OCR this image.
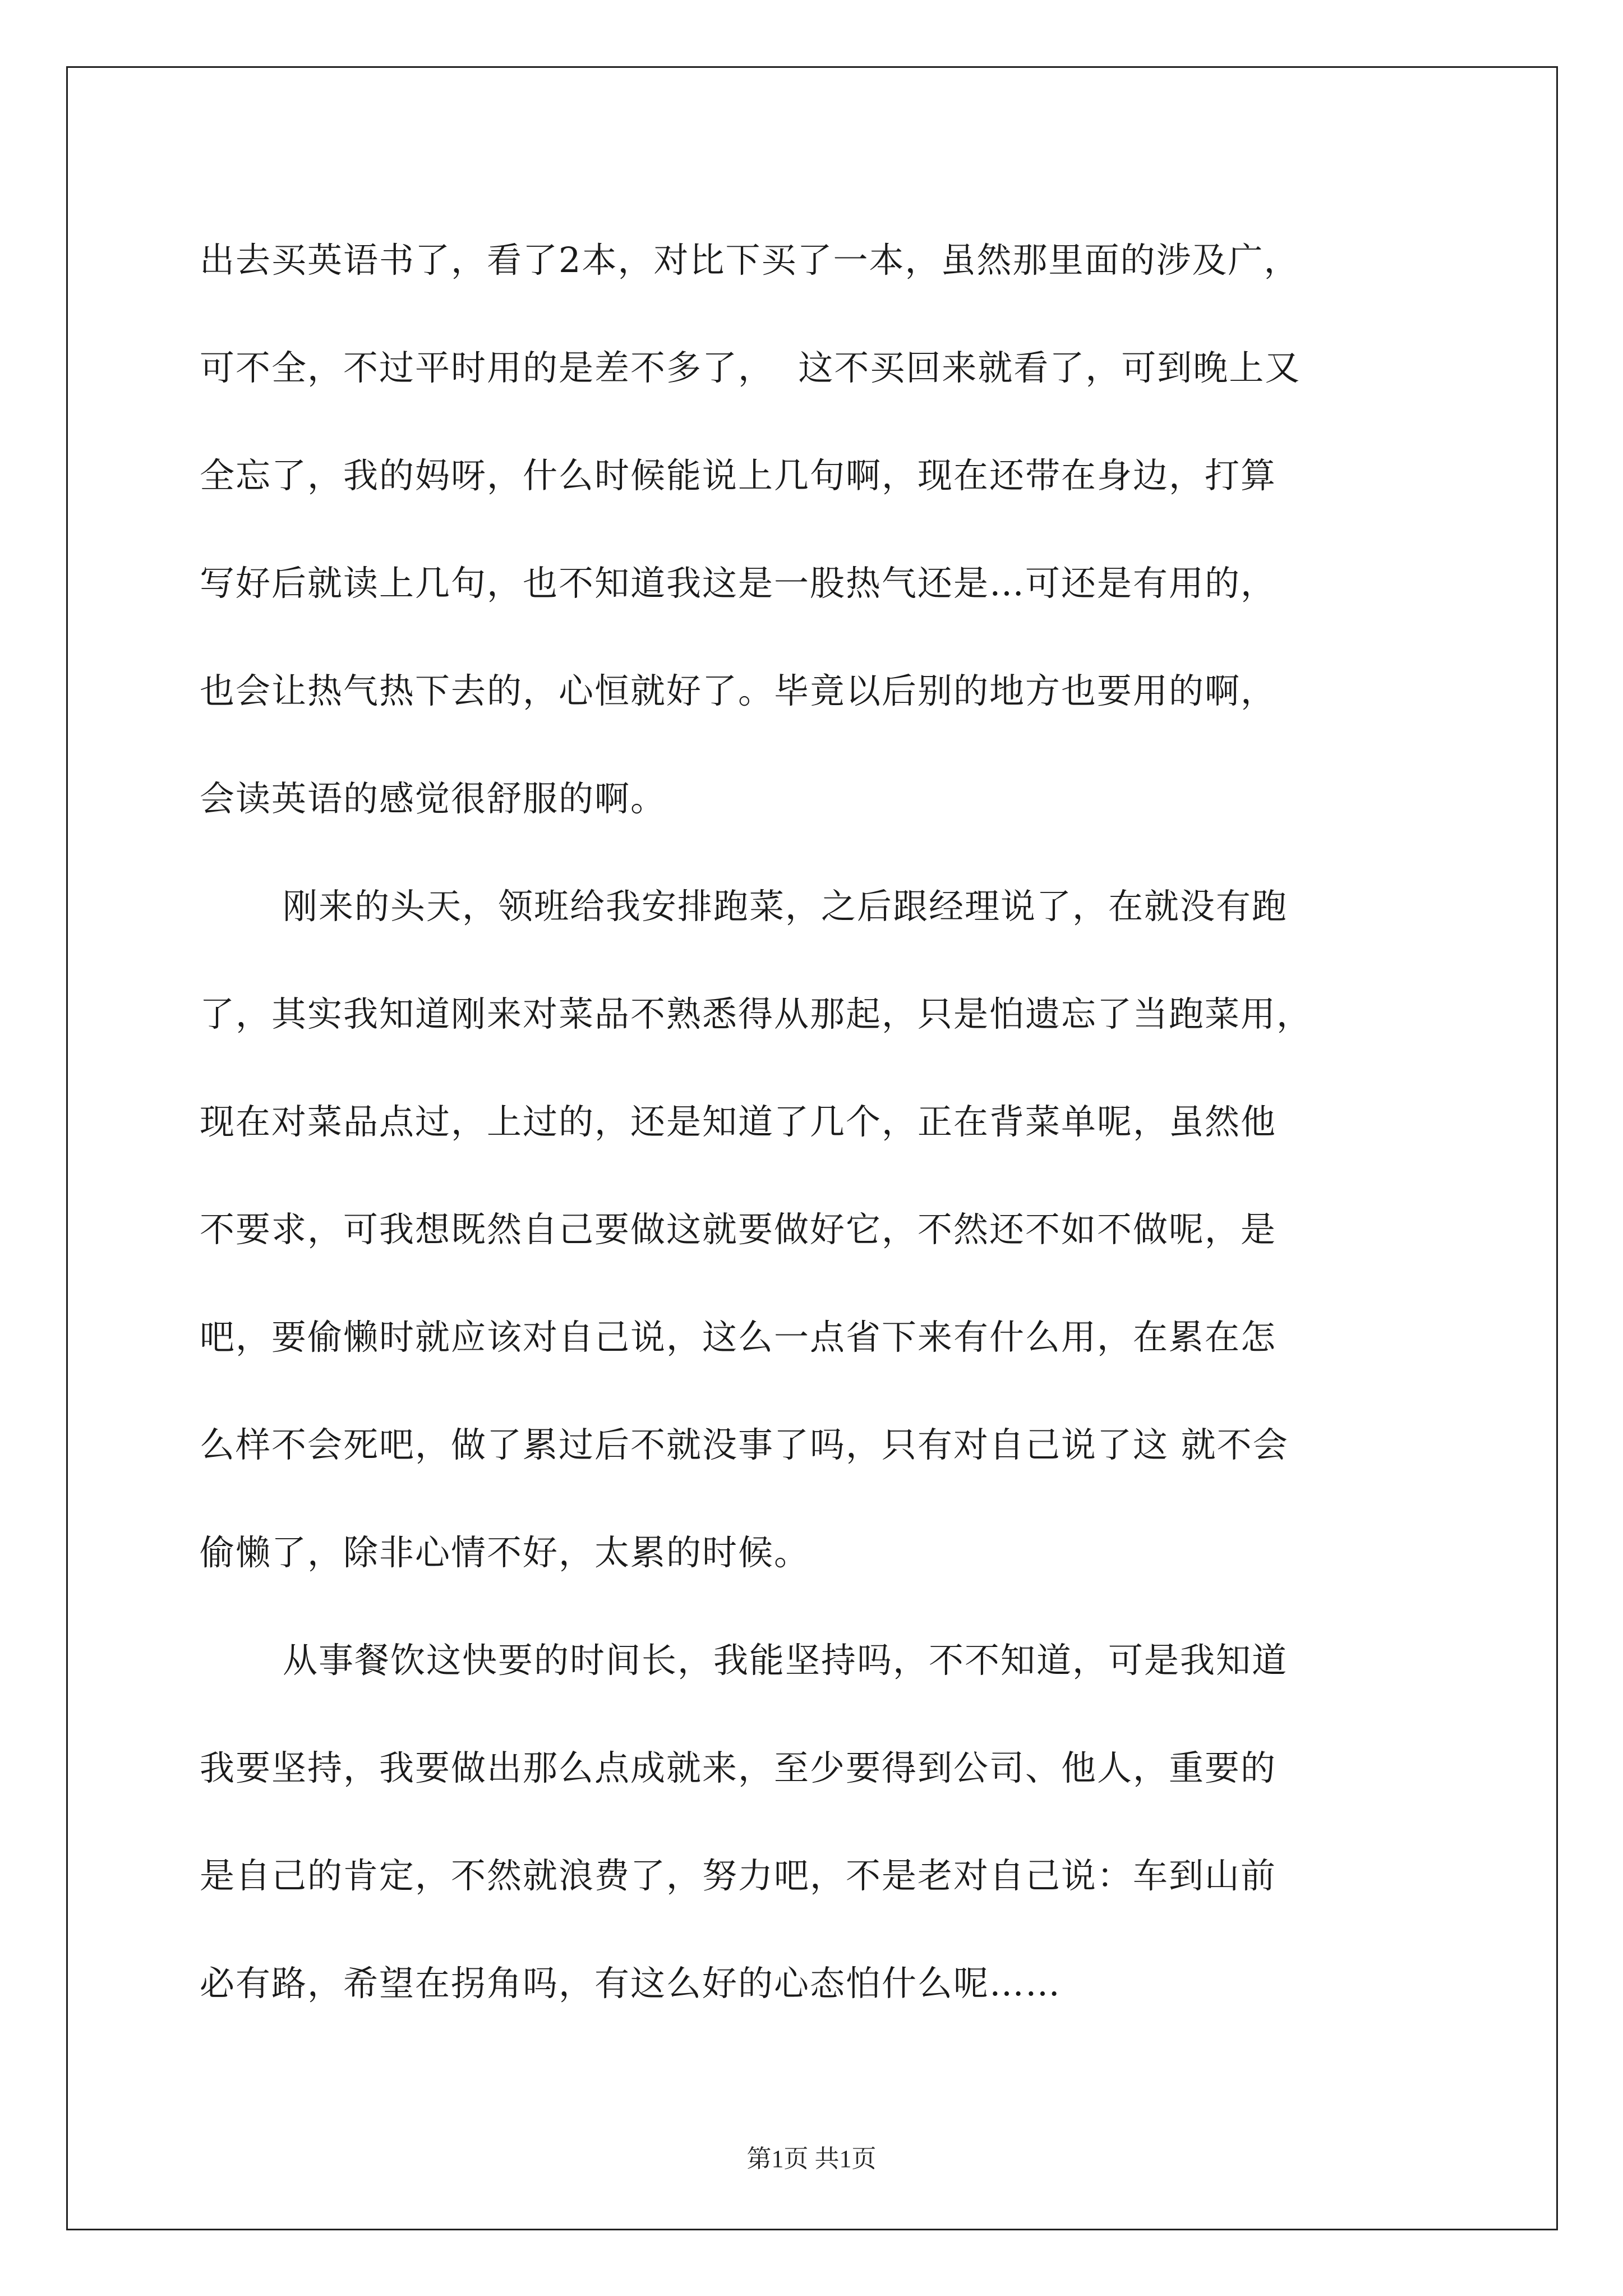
出去买英语书了，看了2本，对比下买了一本，虽然那里面的涉及广，
可不全，不过平时用的是差不多了，  这不买回来就看了，可到晚上又
全忘了，我的妈呀，什么时候能说上几句啊，现在还带在身边，打算
写好后就读上几句，也不知道我这是一股热气还是…可还是有用的，
也会让热气热下去的，心恒就好了。毕竟以后别的地方也要用的啊，
会读英语的感觉很舒服的啊。
刚来的头天，领班给我安排跑菜，之后跟经理说了，在就没有跑
了，其实我知道刚来对菜品不熟悉得从那起，只是怕遗忘了当跑菜用，
现在对菜品点过，上过的，还是知道了几个，正在背菜单呢，虽然他
不要求，可我想既然自己要做这就要做好它，不然还不如不做呢，是
吧，要偷懒时就应该对自己说，这么一点省下来有什么用，在累在怎
么样不会死吧，做了累过后不就没事了吗，只有对自己说了这 就不会
偷懒了，除非心情不好，太累的时候。
从事餐饮这快要的时间长，我能坚持吗，不不知道，可是我知道
我要坚持，我要做出那么点成就来，至少要得到公司、他人，重要的
是自己的肯定，不然就浪费了，努力吧，不是老对自己说：车到山前
必有路，希望在拐角吗，有这么好的心态怕什么呢……
第1页 共1页
